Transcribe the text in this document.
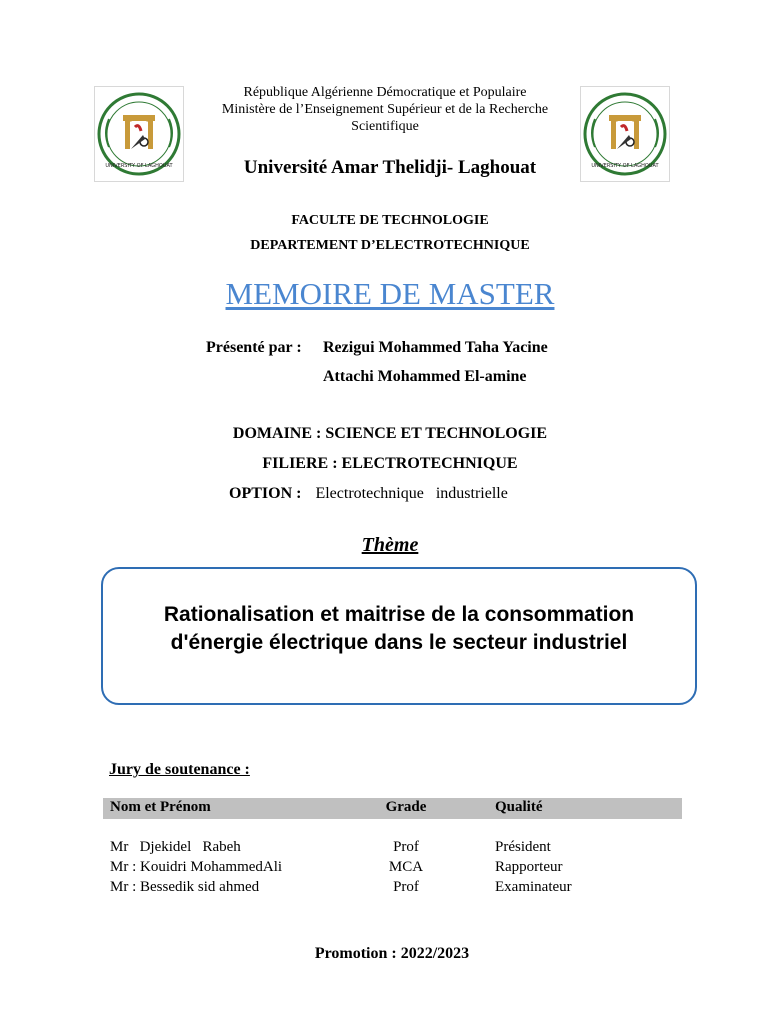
UNIVERSITY OF LAGHOUAT	UNIVERSITY OF LAGHOUAT
République Algérienne Démocratique et Populaire
Ministère de l’Enseignement Supérieur et de la Recherche
Scientifique
Université Amar Thelidji- Laghouat
FACULTE DE TECHNOLOGIE
DEPARTEMENT D’ELECTROTECHNIQUE
MEMOIRE DE MASTER
Présenté par : Rezigui Mohammed Taha Yacine
Attachi Mohammed El-amine
DOMAINE : SCIENCE ET TECHNOLOGIE
FILIERE : ELECTROTECHNIQUE
OPTION : Electrotechnique   industrielle
Thème
Rationalisation et maitrise de la consommation
d'énergie électrique dans le secteur industriel
Jury de soutenance :
Nom et Prénom	Grade	Qualité
Mr   Djekidel   Rabeh	Prof	Président
Mr : Kouidri MohammedAli	MCA	Rapporteur
Mr : Bessedik sid ahmed	Prof	Examinateur
Promotion : 2022/2023
